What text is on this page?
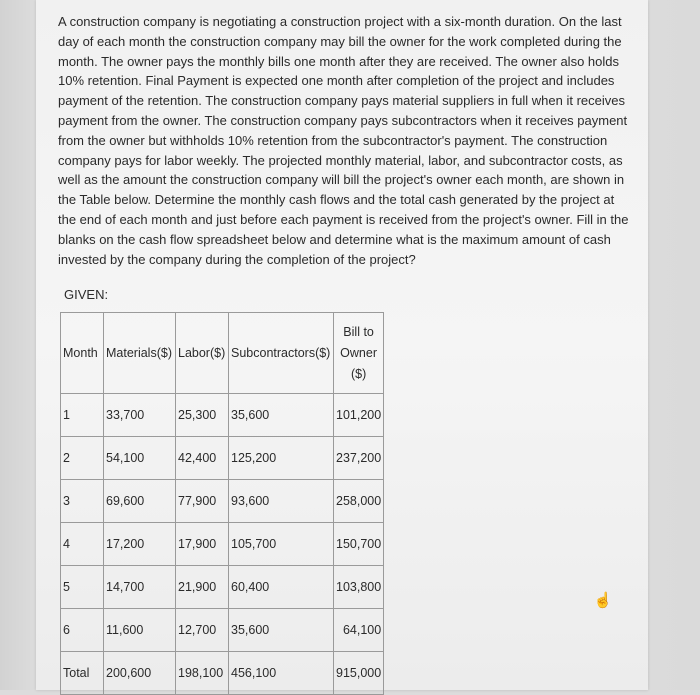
A construction company is negotiating a construction project with a six-month duration. On the last day of each month the construction company may bill the owner for the work completed during the month. The owner pays the monthly bills one month after they are received. The owner also holds 10% retention. Final Payment is expected one month after completion of the project and includes payment of the retention. The construction company pays material suppliers in full when it receives payment from the owner. The construction company pays subcontractors when it receives payment from the owner but withholds 10% retention from the subcontractor's payment. The construction company pays for labor weekly. The projected monthly material, labor, and subcontractor costs, as well as the amount the construction company will bill the project's owner each month, are shown in the Table below. Determine the monthly cash flows and the total cash generated by the project at the end of each month and just before each payment is received from the project's owner. Fill in the blanks on the cash flow spreadsheet below and determine what is the maximum amount of cash invested by the company during the completion of the project?

GIVEN:

Month	Materials($)	Labor($)	Subcontractors($)	Bill to Owner ($)
1	33,700	25,300	35,600	101,200
2	54,100	42,400	125,200	237,200
3	69,600	77,900	93,600	258,000
4	17,200	17,900	105,700	150,700
5	14,700	21,900	60,400	103,800
6	11,600	12,700	35,600	64,100
Total	200,600	198,100	456,100	915,000
☝
